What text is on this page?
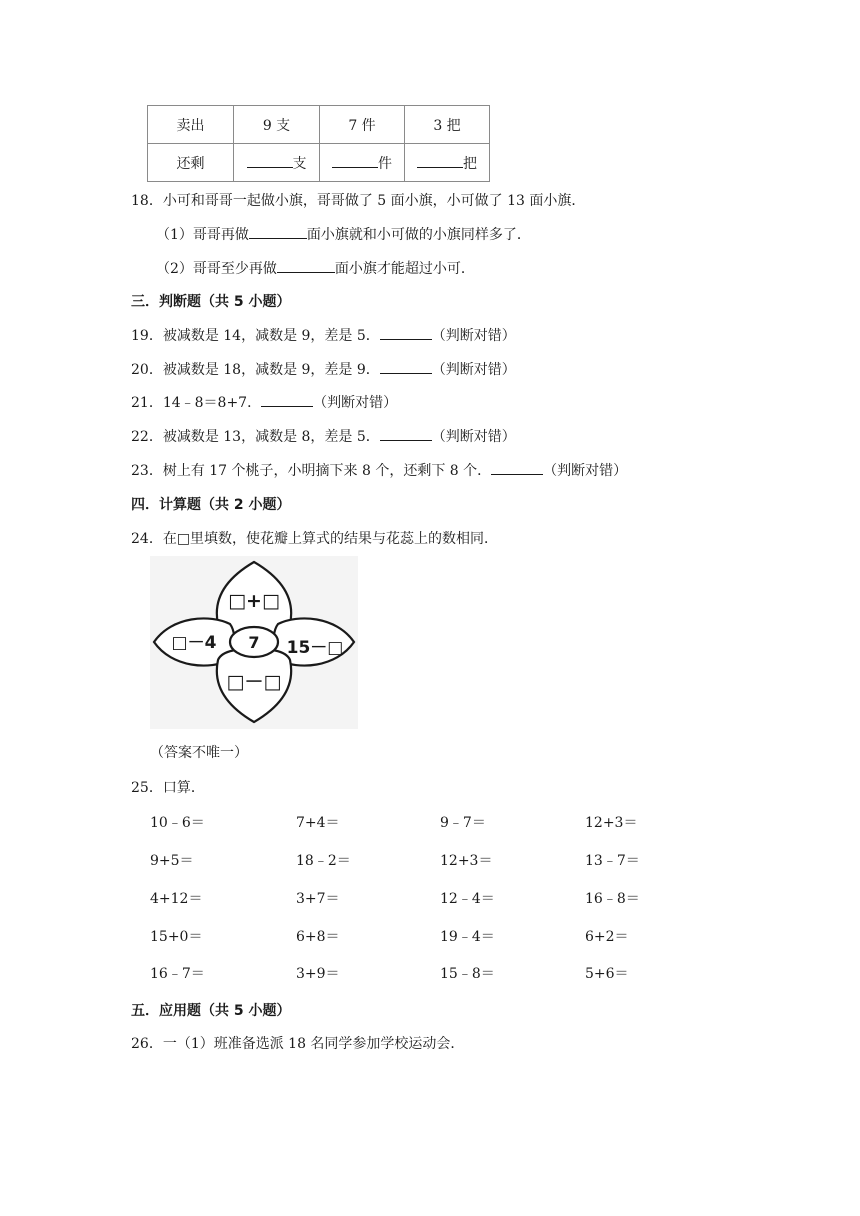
卖出	9 支	7 件	3 把
还剩	支	件	把
18．小可和哥哥一起做小旗，哥哥做了 5 面小旗，小可做了 13 面小旗．
（1）哥哥再做	面小旗就和小可做的小旗同样多了．
（2）哥哥至少再做	面小旗才能超过小可．
三．判断题（共 5 小题）
19．被减数是 14，减数是 9，差是 5．	（判断对错）
20．被减数是 18，减数是 9，差是 9．	（判断对错）
21．14﹣8＝8+7．	（判断对错）
22．被减数是 13，减数是 8，差是 5．	（判断对错）
23．树上有 17 个桃子，小明摘下来 8 个，还剩下 8 个．	（判断对错）
四．计算题（共 2 小题）
24．在□里填数，使花瓣上算式的结果与花蕊上的数相同．
7
□+□
□－4	15－□
□－□
（答案不唯一）
25．口算．
10﹣6＝	7+4＝	9﹣7＝	12+3＝
9+5＝	18﹣2＝	12+3＝	13﹣7＝
4+12＝	3+7＝	12﹣4＝	16﹣8＝
15+0＝	6+8＝	19﹣4＝	6+2＝
16﹣7＝	3+9＝	15﹣8＝	5+6＝
五．应用题（共 5 小题）
26．一（1）班准备选派 18 名同学参加学校运动会．
